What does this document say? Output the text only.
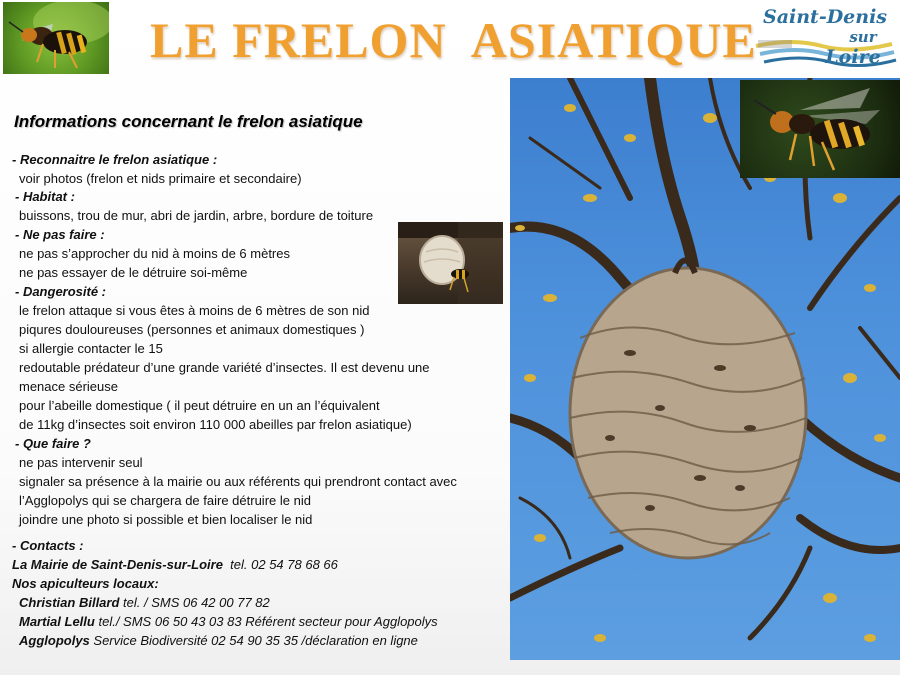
LE FRELON  ASIATIQUE Saint-Denis
sur
Loire
Informations concernant le frelon asiatique
- Reconnaitre le frelon asiatique :
voir photos (frelon et nids primaire et secondaire)
- Habitat :
buissons, trou de mur, abri de jardin, arbre, bordure de toiture
- Ne pas faire :
ne pas s’approcher du nid à moins de 6 mètres
ne pas essayer de le détruire soi-même
- Dangerosité :
le frelon attaque si vous êtes à moins de 6 mètres de son nid
piqures douloureuses (personnes et animaux domestiques )
si allergie contacter le 15
redoutable prédateur d’une grande variété d’insectes. Il est devenu une
menace sérieuse
pour l’abeille domestique ( il peut détruire en un an l’équivalent
de 11kg d’insectes soit environ 110 000 abeilles par frelon asiatique)
- Que faire ?
ne pas intervenir seul
signaler sa présence à la mairie ou aux référents qui prendront contact avec
l’Agglopolys qui se chargera de faire détruire le nid
joindre une photo si possible et bien localiser le nid
- Contacts :
La Mairie de Saint-Denis-sur-Loire tel. 02 54 78 68 66
Nos apiculteurs locaux:
Christian Billard tel. / SMS 06 42 00 77 82
Martial Lellu tel./ SMS 06 50 43 03 83 Référent secteur pour Agglopolys
Agglopolys Service Biodiversité 02 54 90 35 35 /déclaration en ligne
